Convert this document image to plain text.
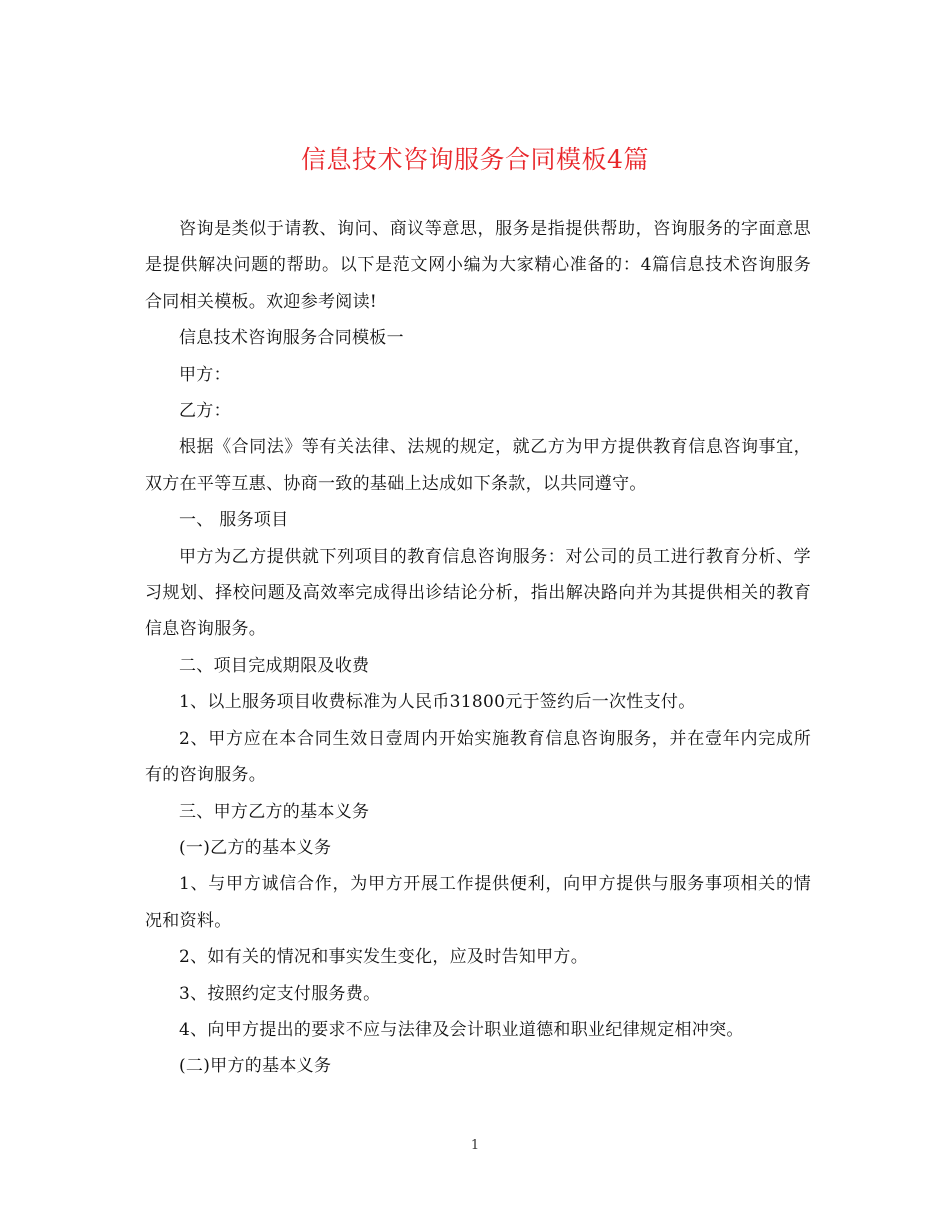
信息技术咨询服务合同模板4篇

咨询是类似于请教、询问、商议等意思，服务是指提供帮助，咨询服务的字面意思是提供解决问题的帮助。以下是范文网小编为大家精心准备的：4篇信息技术咨询服务合同相关模板。欢迎参考阅读!

信息技术咨询服务合同模板一

甲方：

乙方：

根据《合同法》等有关法律、法规的规定，就乙方为甲方提供教育信息咨询事宜，双方在平等互惠、协商一致的基础上达成如下条款，以共同遵守。

一、 服务项目

甲方为乙方提供就下列项目的教育信息咨询服务：对公司的员工进行教育分析、学习规划、择校问题及高效率完成得出诊结论分析，指出解决路向并为其提供相关的教育信息咨询服务。

二、项目完成期限及收费

1、以上服务项目收费标准为人民币31800元于签约后一次性支付。

2、甲方应在本合同生效日壹周内开始实施教育信息咨询服务，并在壹年内完成所有的咨询服务。

三、甲方乙方的基本义务

(一)乙方的基本义务

1、与甲方诚信合作，为甲方开展工作提供便利，向甲方提供与服务事项相关的情况和资料。

2、如有关的情况和事实发生变化，应及时告知甲方。

3、按照约定支付服务费。

4、向甲方提出的要求不应与法律及会计职业道德和职业纪律规定相冲突。

(二)甲方的基本义务

1
